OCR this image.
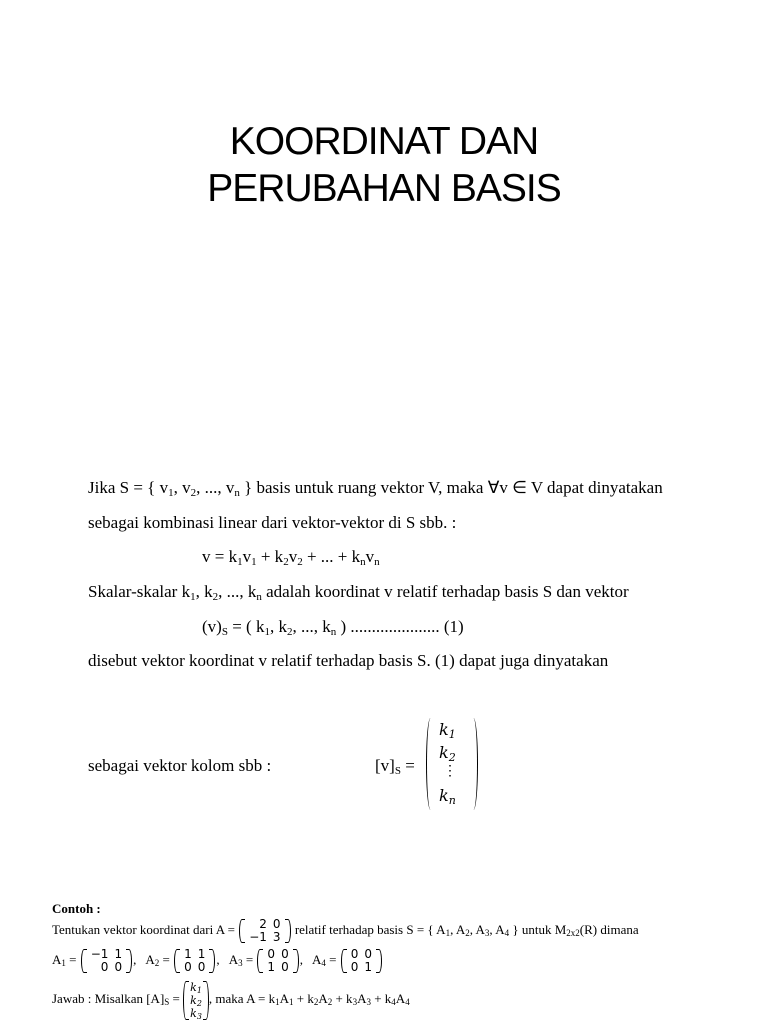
KOORDINAT DAN
PERUBAHAN BASIS
Jika S = { $v_1$, $v_2$, ..., $v_n$ } basis untuk ruang vektor V, maka ∀v ∈ V dapat dinyatakan
sebagai kombinasi linear dari vektor-vektor di S sbb. :
$v = k_1v_1 + k_2v_2$ + ... + $k_nv_n$
Skalar-skalar $k_1$, $k_2$, ..., $k_n$ adalah koordinat v relatif terhadap basis S dan vektor
$(v)_S$ = ( $k_1$, $k_2$, ..., $k_n$ ) ..................... (1)
disebut vektor koordinat v relatif terhadap basis S. (1) dapat juga dinyatakan
sebagai vektor kolom sbb :	$[v]_S$ =
$k_1$
$k_2$
⋮
$k_n$
Contoh :
Tentukan vektor koordinat dari A = 2	0
−1	3
relatif terhadap basis S = { $A_1$, $A_2$, $A_3$, $A_4$ } untuk $M_{2x2}(R)$ dimana
$A_1 = -1$	1
0	0
, $A_2 = 1$	1
0	0
, $A_3 = 0$	0
1	0
, $A_4 = 0$	0
0	1
Jawab : Misalkan $[A]_S$ =
$k_1$
$k_2$
$k_3$
, maka $A = k_1A_1 + k_2A_2 + k_3A_3 + k_4A_4$
